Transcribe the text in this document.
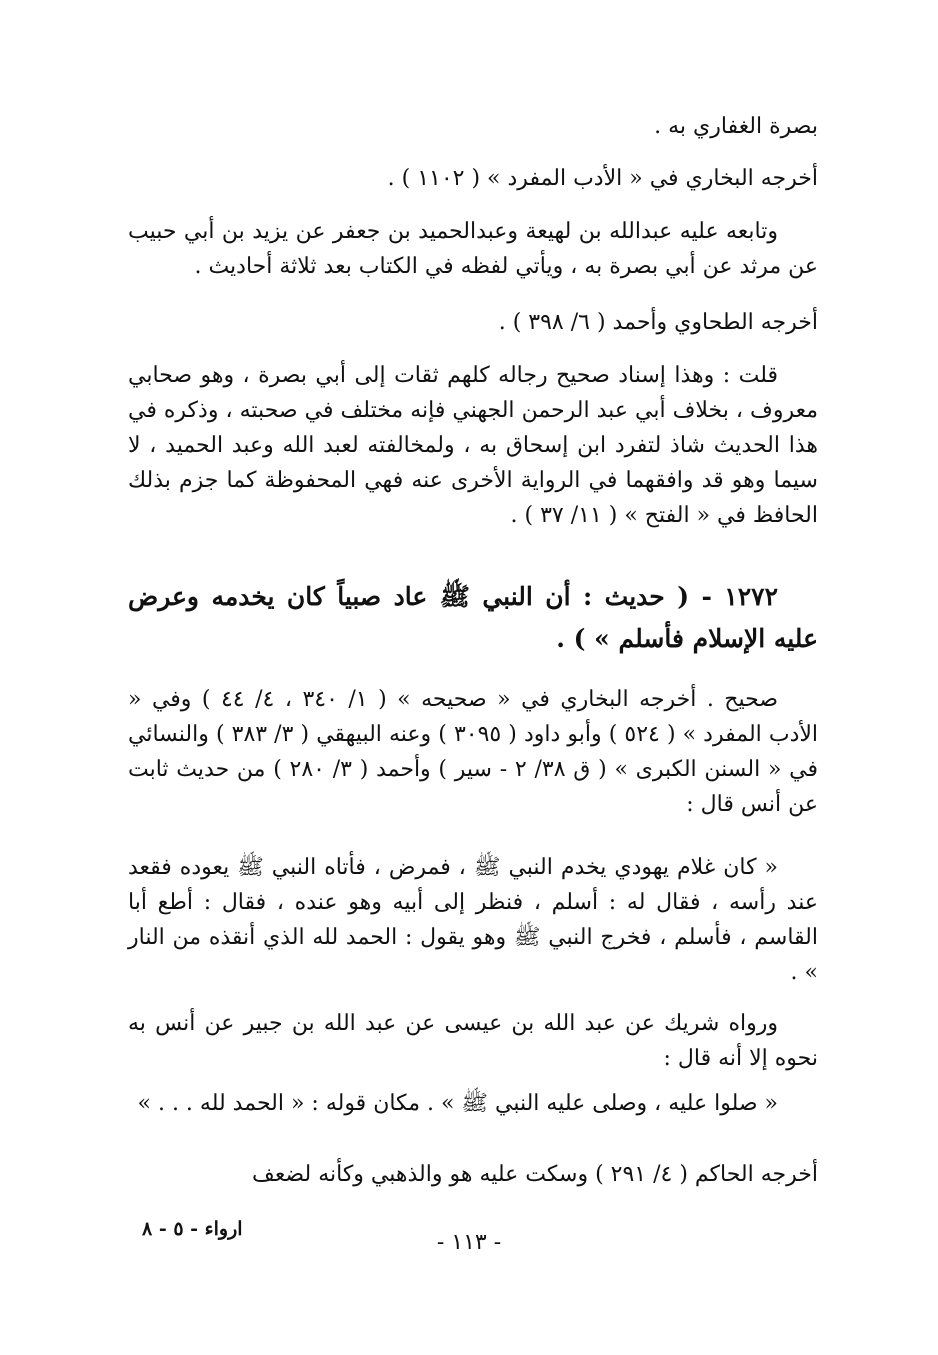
بصرة الغفاري به .
أخرجه البخاري في « الأدب المفرد » ( ١١٠٢ ) .

وتابعه عليه عبدالله بن لهيعة وعبدالحميد بن جعفر عن يزيد بن أبي حبيب عن مرثد عن أبي بصرة به ، ويأتي لفظه في الكتاب بعد ثلاثة أحاديث .

أخرجه الطحاوي وأحمد ( ٦/ ٣٩٨ ) .

قلت : وهذا إسناد صحيح رجاله كلهم ثقات إلى أبي بصرة ، وهو صحابي معروف ، بخلاف أبي عبد الرحمن الجهني فإنه مختلف في صحبته ، وذكره في هذا الحديث شاذ لتفرد ابن إسحاق به ، ولمخالفته لعبد الله وعبد الحميد ، لا سيما وهو قد وافقهما في الرواية الأخرى عنه فهي المحفوظة كما جزم بذلك الحافظ في « الفتح » ( ١١/ ٣٧ ) .

١٢٧٢ - ( حديث : أن النبي ﷺ عاد صبياً كان يخدمه وعرض عليه الإسلام فأسلم » ) .

صحيح . أخرجه البخاري في « صحيحه » ( ١/ ٣٤٠ ، ٤/ ٤٤ ) وفي « الأدب المفرد » ( ٥٢٤ ) وأبو داود ( ٣٠٩٥ ) وعنه البيهقي ( ٣/ ٣٨٣ ) والنسائي في « السنن الكبرى » ( ق ٣٨/ ٢ - سير ) وأحمد ( ٣/ ٢٨٠ ) من حديث ثابت عن أنس قال :

« كان غلام يهودي يخدم النبي ﷺ ، فمرض ، فأتاه النبي ﷺ يعوده فقعد عند رأسه ، فقال له : أسلم ، فنظر إلى أبيه وهو عنده ، فقال : أطع أبا القاسم ، فأسلم ، فخرج النبي ﷺ وهو يقول : الحمد لله الذي أنقذه من النار » .

ورواه شريك عن عبد الله بن عيسى عن عبد الله بن جبير عن أنس به نحوه إلا أنه قال :

« صلوا عليه ، وصلى عليه النبي ﷺ » . مكان قوله : « الحمد لله . . . »

أخرجه الحاكم ( ٤/ ٢٩١ ) وسكت عليه هو والذهبي وكأنه لضعف
ارواء - ٥ - ٨
- ١١٣ -
